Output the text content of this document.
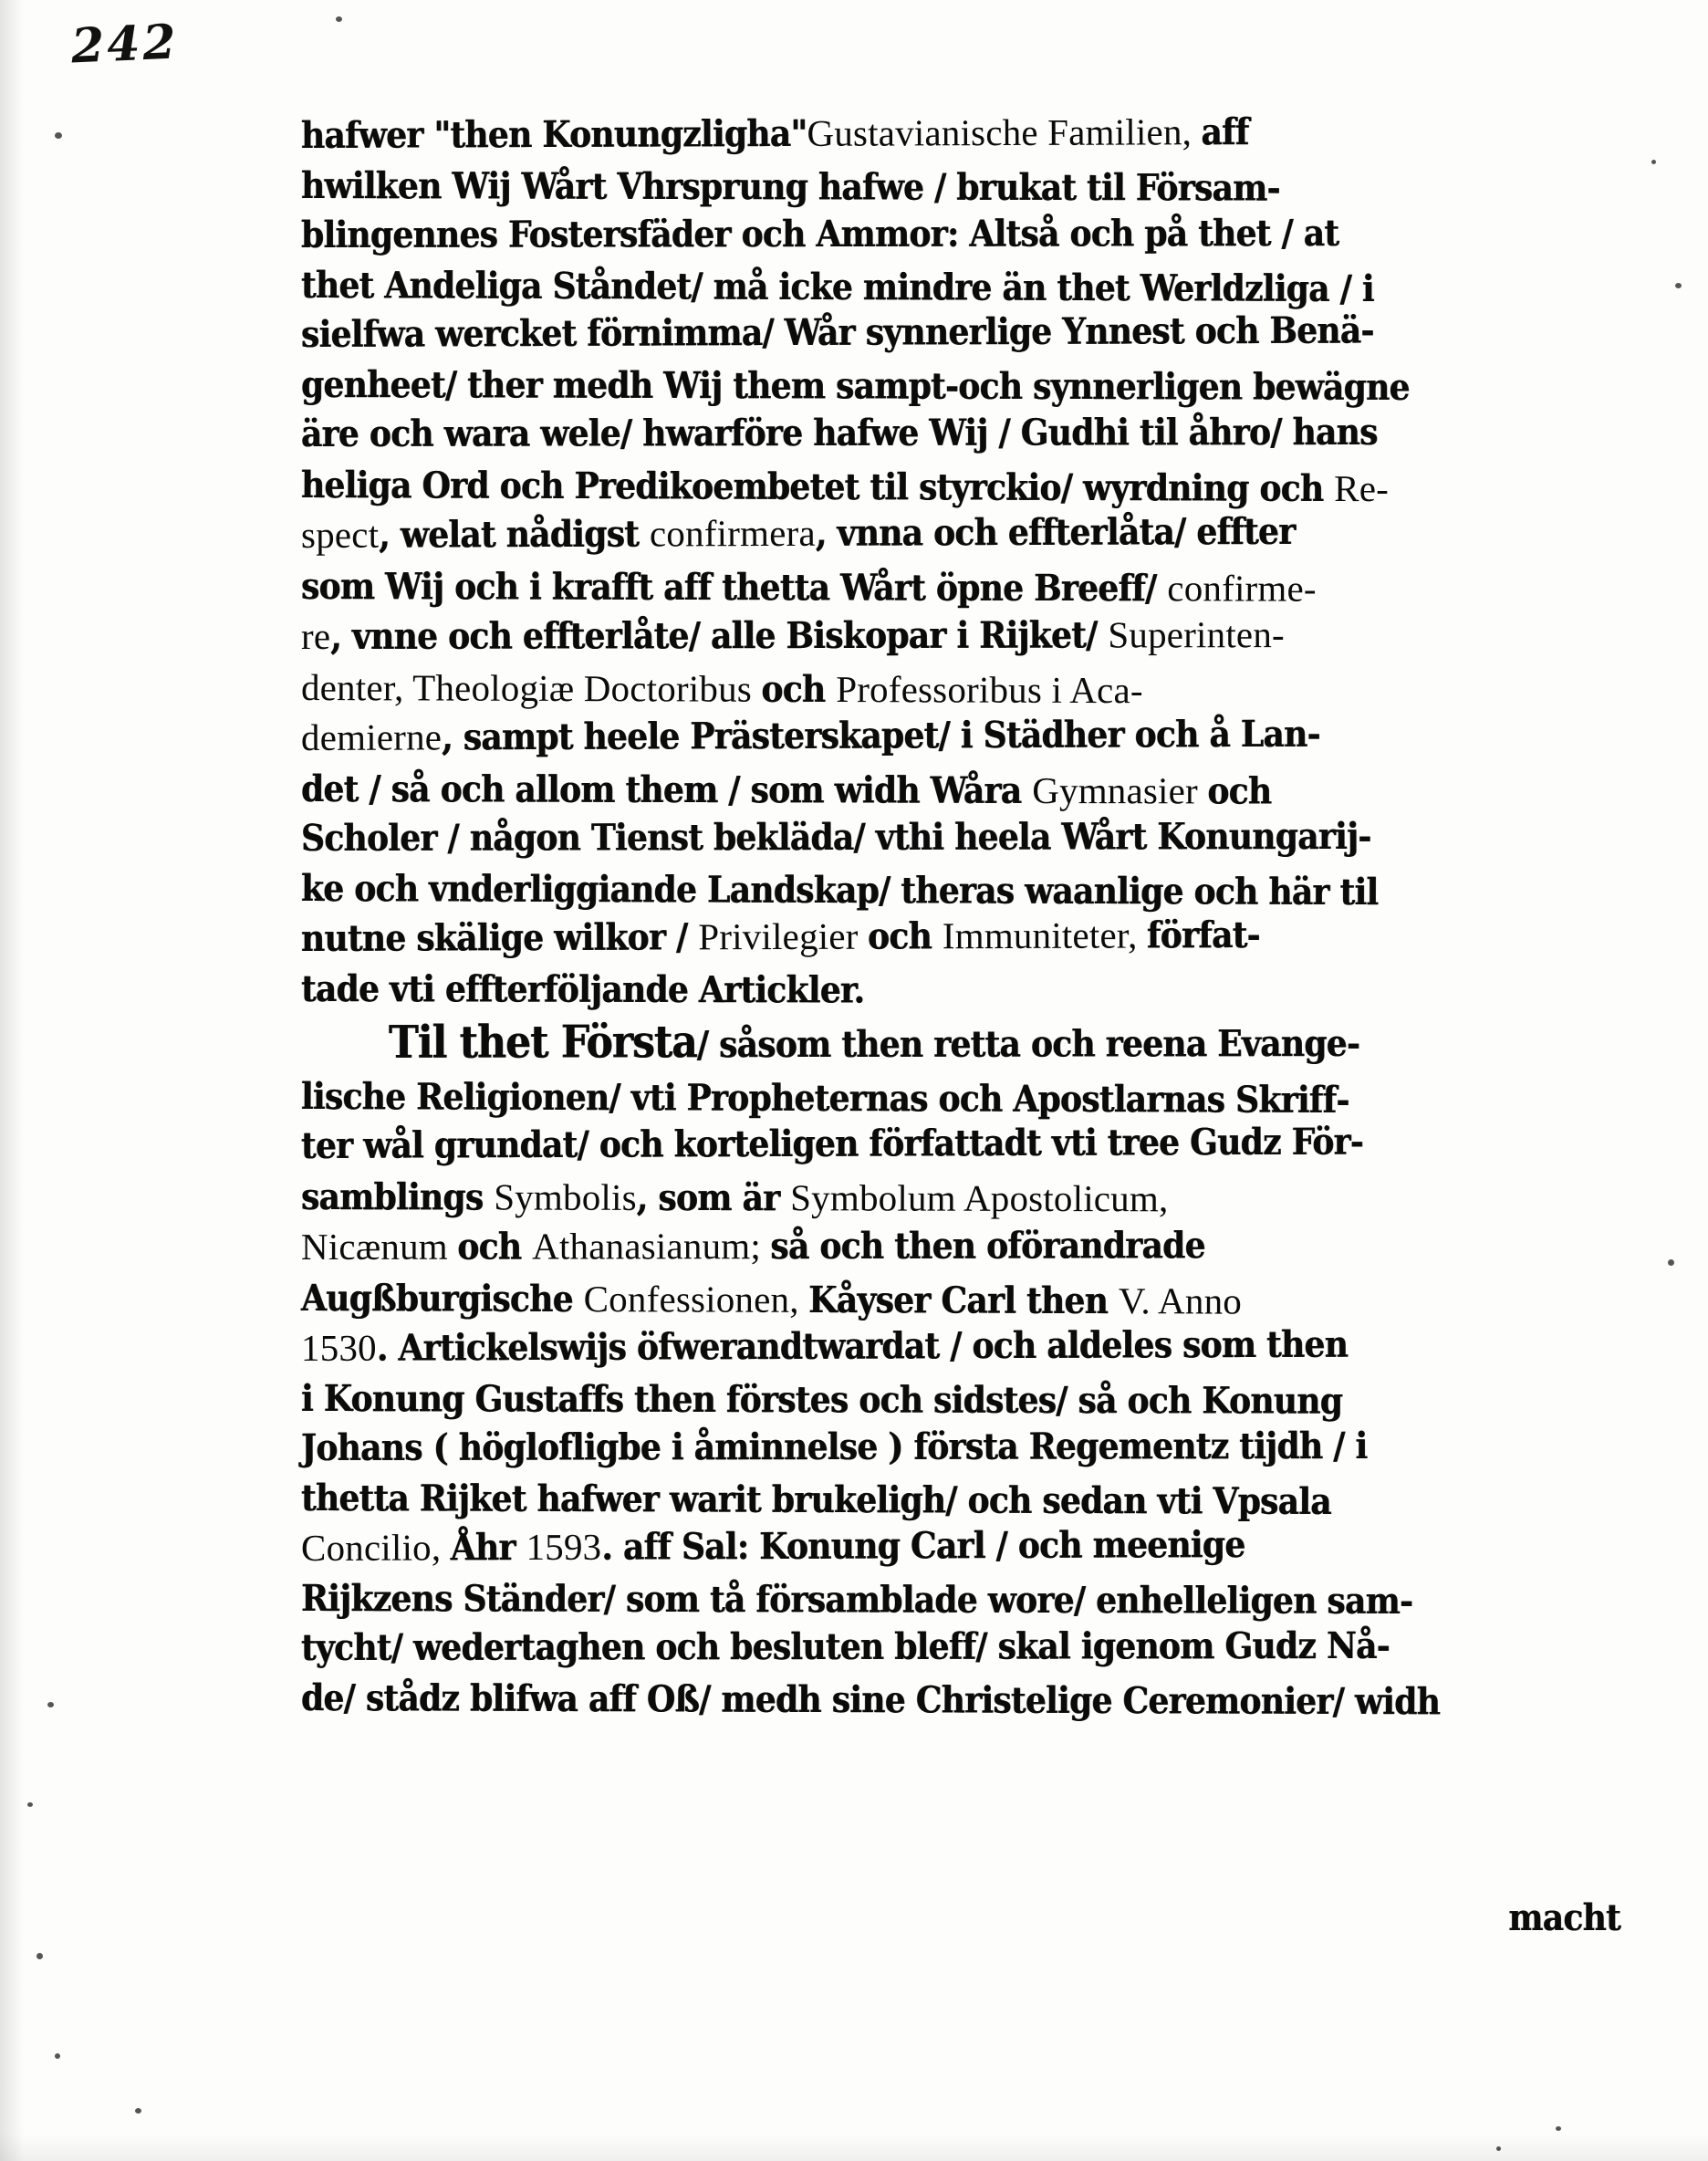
242
hafwer "then Konungzligha"Gustavianische Familien, aff
hwilken Wij Wårt Vhrsprung hafwe / brukat til Försam‑
blingennes Fostersfäder och Ammor: Altså och på thet / at
thet Andeliga Ståndet/ må icke mindre än thet Werldzliga / i
sielfwa wercket förnimma/ Wår synnerlige Ynnest och Benä‑
genheet/ ther medh Wij them sampt‑och synnerligen bewägne
äre och wara wele/ hwarföre hafwe Wij / Gudhi til åhro/ hans
heliga Ord och Predikoembetet til styrckio/ wyrdning och Re-
spect, welat nådigst confirmera, vnna och effterlåta/ effter
som Wij och i krafft aff thetta Wårt öpne Breeff/ confirme-
re, vnne och effterlåte/ alle Biskopar i Rijket/ Superinten-
denter, Theologiæ Doctoribus och Professoribus i Aca-
demierne, sampt heele Prästerskapet/ i Städher och å Lan‑
det / så och allom them / som widh Wåra Gymnasier och
Scholer / någon Tienst bekläda/ vthi heela Wårt Konungarij‑
ke och vnderliggiande Landskap/ theras waanlige och här til
nutne skälige wilkor / Privilegier och Immuniteter, förfat‑
tade vti effterföljande Artickler.
Til thet Första/ såsom then retta och reena Evange‑
lische Religionen/ vti Propheternas och Apostlarnas Skriff‑
ter wål grundat/ och korteligen författadt vti tree Gudz För‑
samblings Symbolis, som är Symbolum Apostolicum,
Nicænum och Athanasianum; så och then oförandrade
Augßburgische Confessionen, Kåyser Carl then V. Anno
1530. Artickelswijs öfwerandtwardat / och aldeles som then
i Konung Gustaffs then förstes och sidstes/ så och Konung
Johans ( höglofligbe i åminnelse ) första Regementz tijdh / i
thetta Rijket hafwer warit brukeligh/ och sedan vti Vpsala
Concilio, Åhr 1593. aff Sal: Konung Carl / och meenige
Rijkzens Ständer/ som tå församblade wore/ enhelleligen sam‑
tycht/ wedertaghen och besluten bleff/ skal igenom Gudz Nå‑
de/ stådz blifwa aff Oß/ medh sine Christelige Ceremonier/ widh
macht
